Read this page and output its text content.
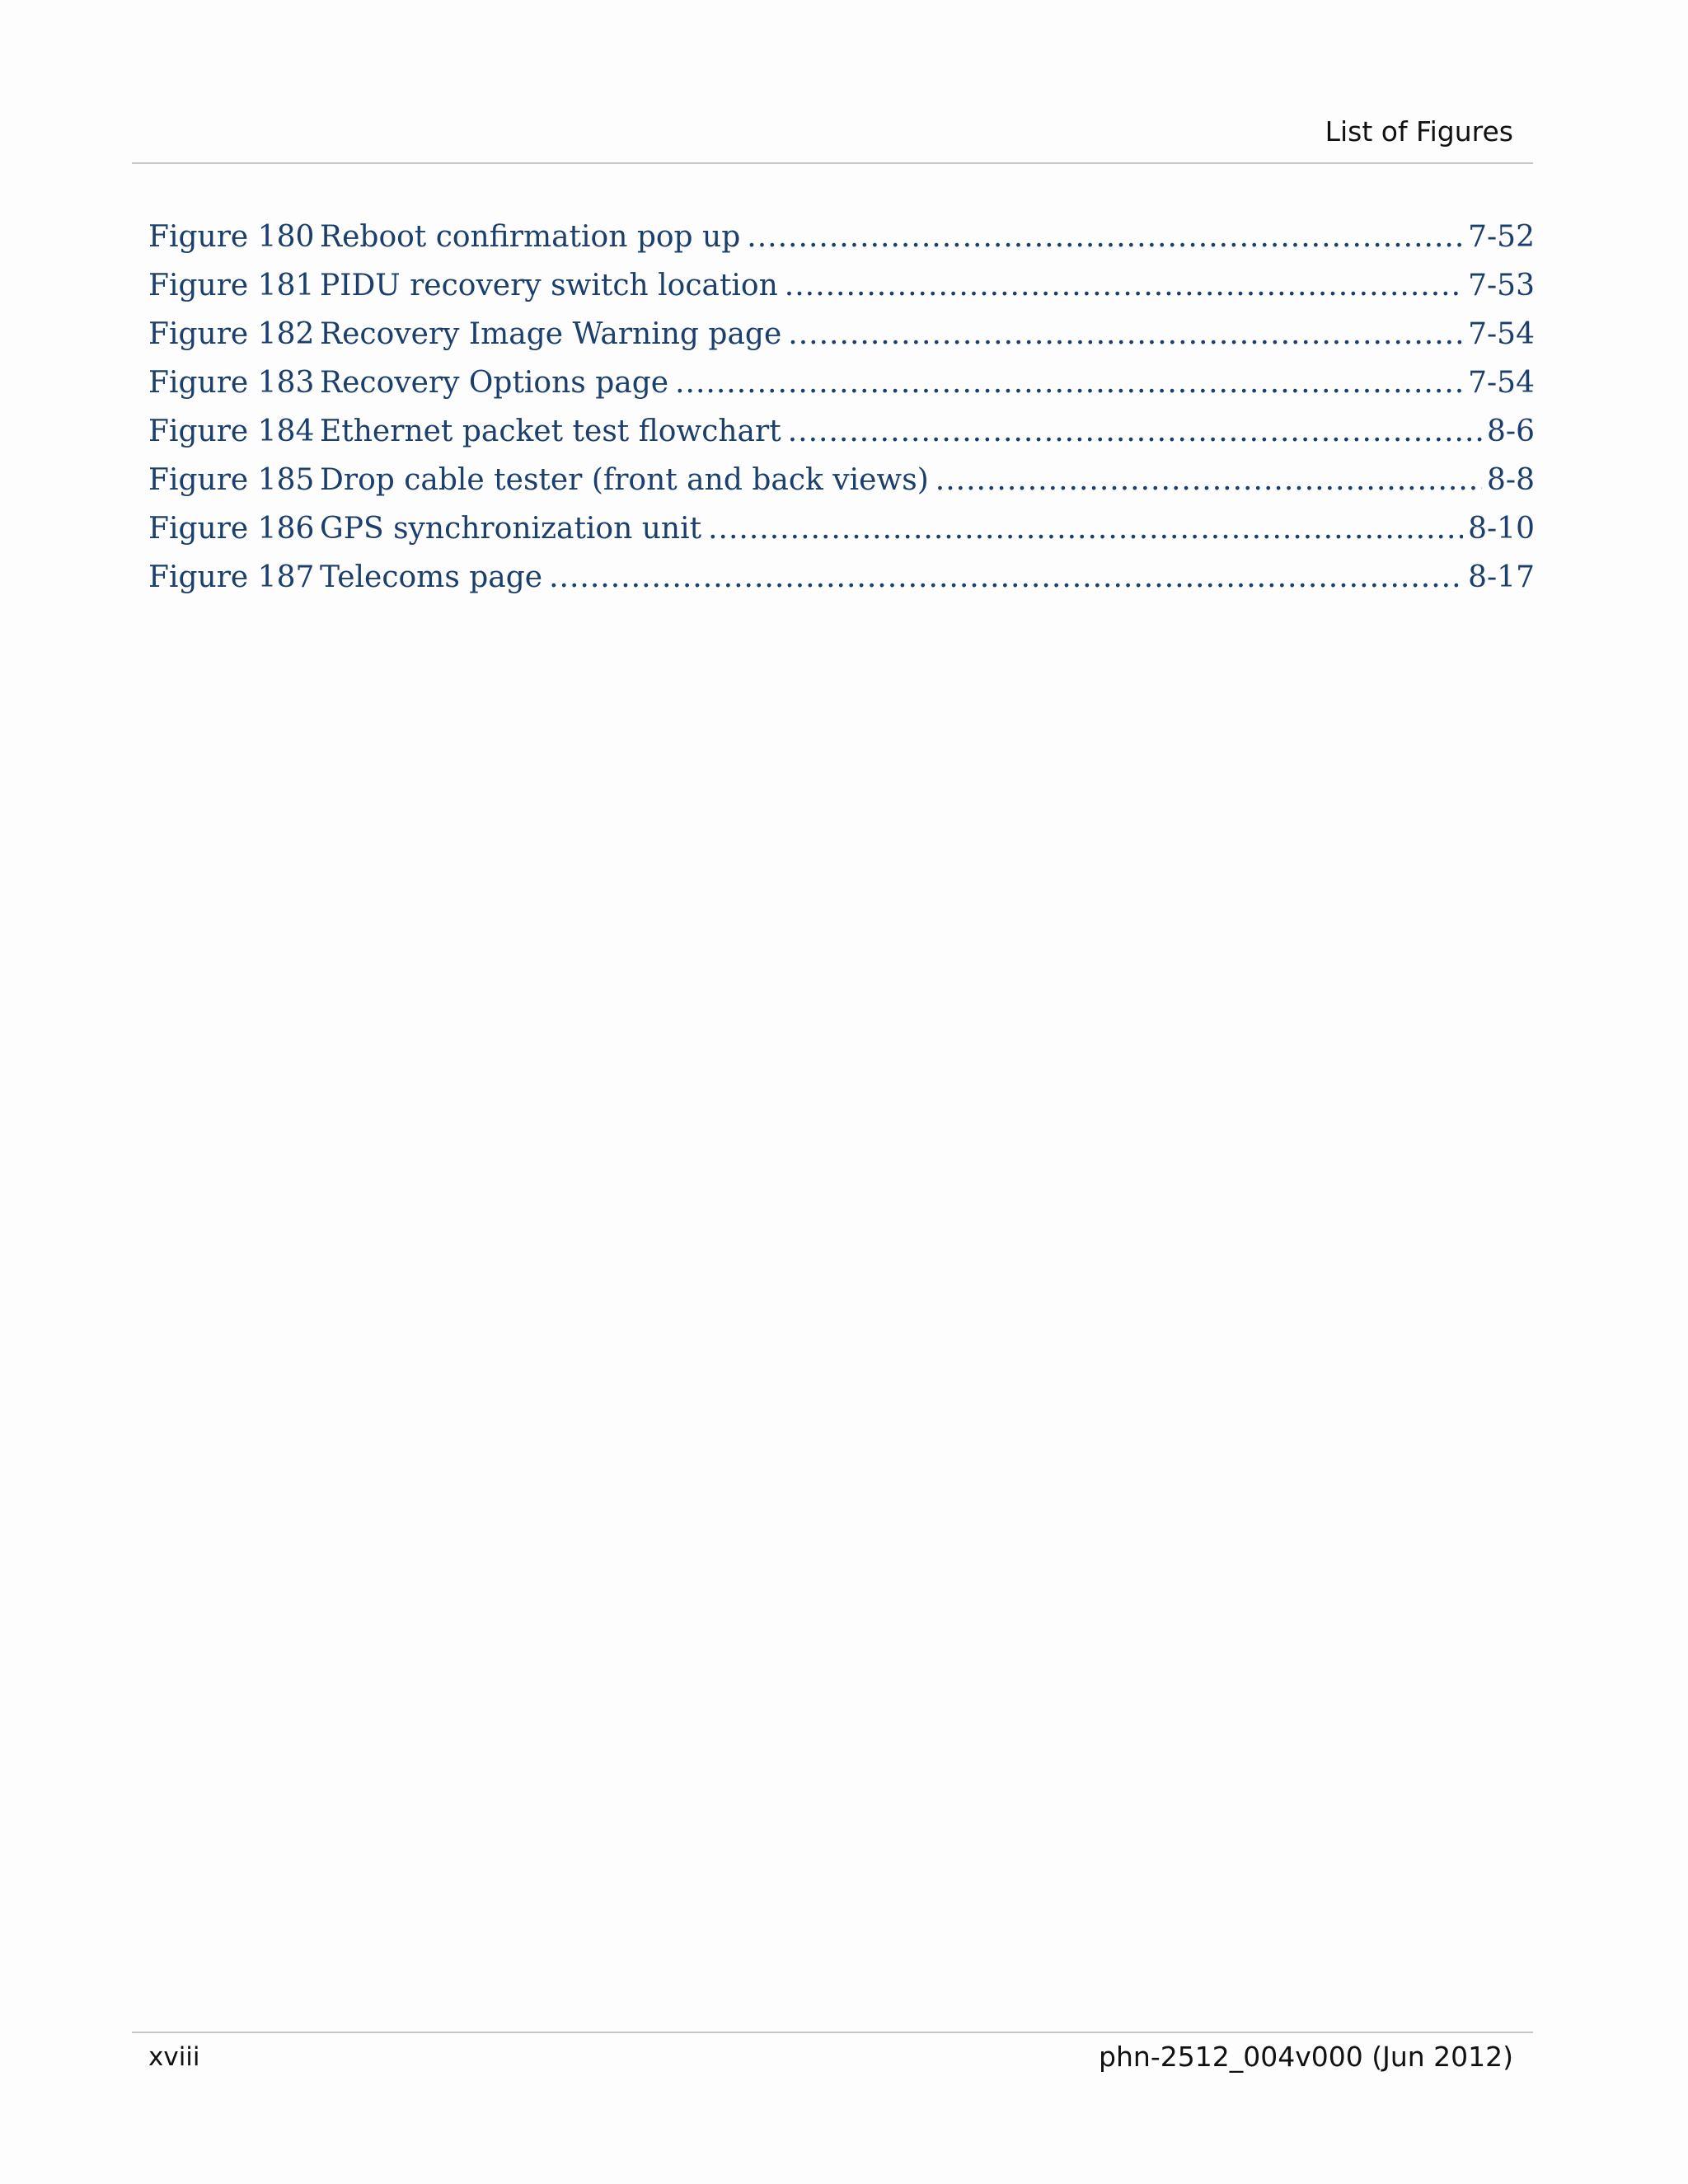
List of Figures
Figure 180 Reboot confirmation pop up .....	7-52
Figure 181 PIDU recovery switch location .....	7-53
Figure 182 Recovery Image Warning page .....	7-54
Figure 183 Recovery Options page .....	7-54
Figure 184 Ethernet packet test flowchart .....	8-6
Figure 185 Drop cable tester (front and back views) .....	8-8
Figure 186 GPS synchronization unit .....	8-10
Figure 187 Telecoms page .....	8-17
xviii	phn-2512_004v000 (Jun 2012)
